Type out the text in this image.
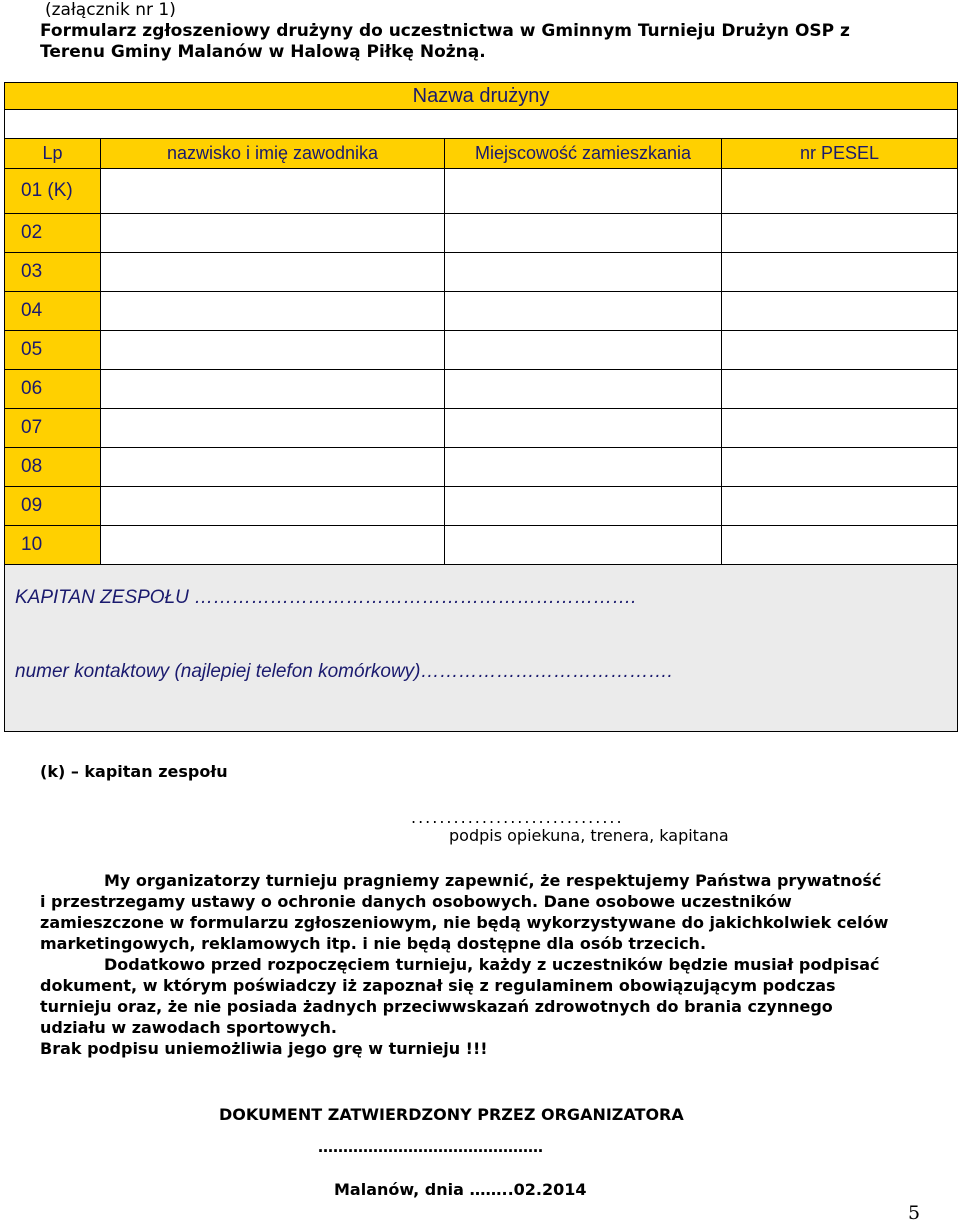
(załącznik nr 1)
Formularz zgłoszeniowy drużyny do uczestnictwa w Gminnym Turnieju Drużyn OSP z
Terenu Gminy Malanów w Halową Piłkę Nożną.
Nazwa drużyny			

Lp	nazwisko i imię zawodnika	Miejscowość zamieszkania	nr PESEL
01 (K)			
02			
03			
04			
05			
06			
07			
08			
09			
10			

KAPITAN ZESPOŁU …………………………………………………………….
numer kontaktowy (najlepiej telefon komórkowy)………………………………….			
(k) – kapitan zespołu
..............................
podpis opiekuna, trenera, kapitana

My organizatorzy turnieju pragniemy zapewnić, że respektujemy Państwa prywatność i przestrzegamy ustawy o ochronie danych osobowych. Dane osobowe uczestników zamieszczone w formularzu zgłoszeniowym, nie będą wykorzystywane do jakichkolwiek celów marketingowych, reklamowych itp. i nie będą dostępne dla osób trzecich.

Dodatkowo przed rozpoczęciem turnieju, każdy z uczestników będzie musiał podpisać dokument, w którym poświadczy iż zapoznał się z regulaminem obowiązującym podczas turnieju oraz, że nie posiada żadnych przeciwwskazań zdrowotnych do brania czynnego udziału w zawodach sportowych.

Brak podpisu uniemożliwia jego grę w turnieju !!!

DOKUMENT ZATWIERDZONY PRZEZ ORGANIZATORA
………………………………………
Malanów, dnia ……..02.2014
5
